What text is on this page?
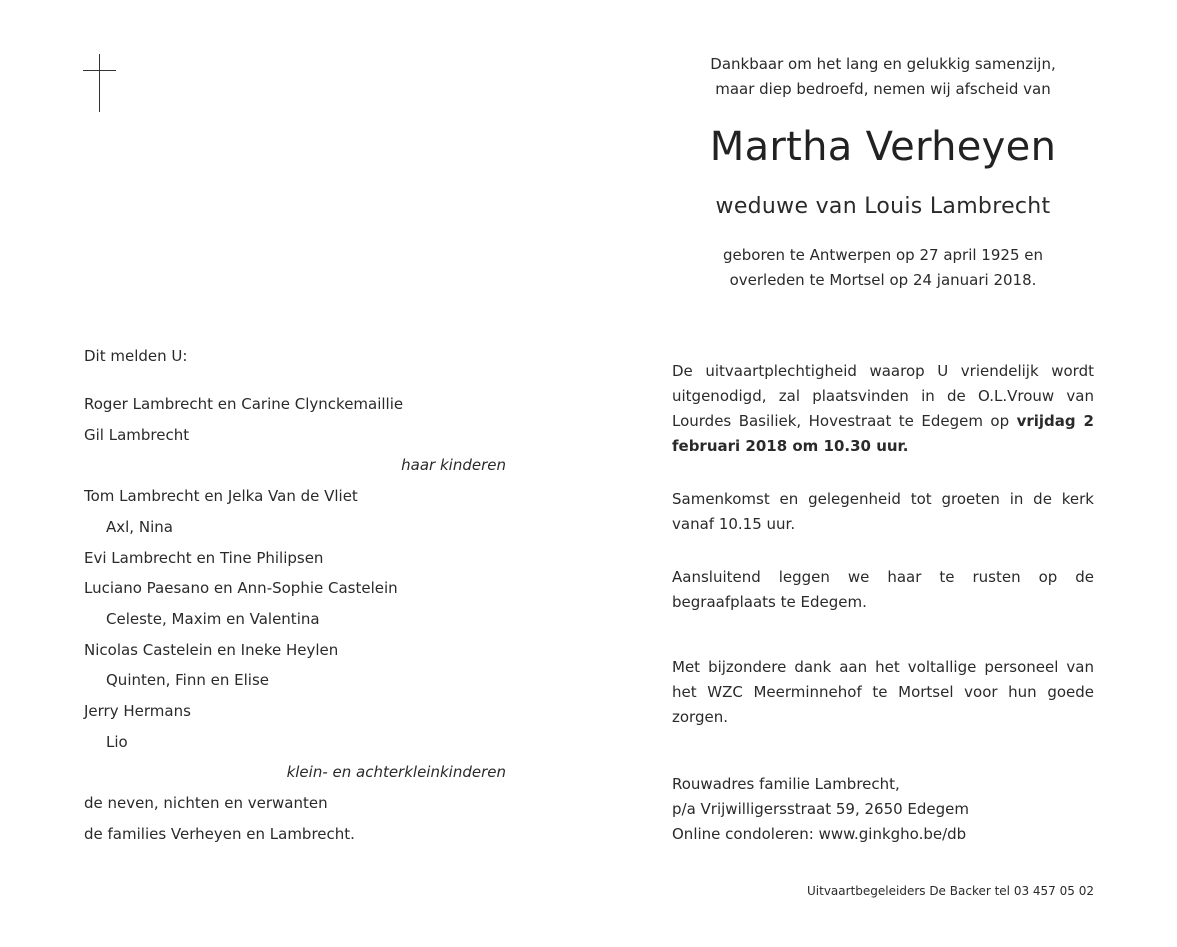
Dankbaar om het lang en gelukkig samenzijn,
maar diep bedroefd, nemen wij afscheid van
Martha Verheyen
weduwe van Louis Lambrecht
geboren te Antwerpen op 27 april 1925 en
overleden te Mortsel op 24 januari 2018.
Dit melden U:
Roger Lambrecht en Carine Clynckemaillie
Gil Lambrecht
haar kinderen
Tom Lambrecht en Jelka Van de Vliet
Axl, Nina
Evi Lambrecht en Tine Philipsen
Luciano Paesano en Ann-Sophie Castelein
Celeste, Maxim en Valentina
Nicolas Castelein en Ineke Heylen
Quinten, Finn en Elise
Jerry Hermans
Lio
klein- en achterkleinkinderen
de neven, nichten en verwanten
de families Verheyen en Lambrecht.
De uitvaartplechtigheid waarop U vriendelijk wordt uitgenodigd, zal plaatsvinden in de O.L.Vrouw van Lourdes Basiliek, Hovestraat te Edegem op vrijdag 2 februari 2018 om 10.30 uur.
Samenkomst en gelegenheid tot groeten in de kerk vanaf 10.15 uur.
Aansluitend leggen we haar te rusten op de begraafplaats te Edegem.
Met bijzondere dank aan het voltallige personeel van het WZC Meerminnehof te Mortsel voor hun goede zorgen.
Rouwadres familie Lambrecht,
p/a Vrijwilligersstraat 59, 2650 Edegem
Online condoleren: www.ginkgho.be/db
Uitvaartbegeleiders De Backer tel 03 457 05 02
